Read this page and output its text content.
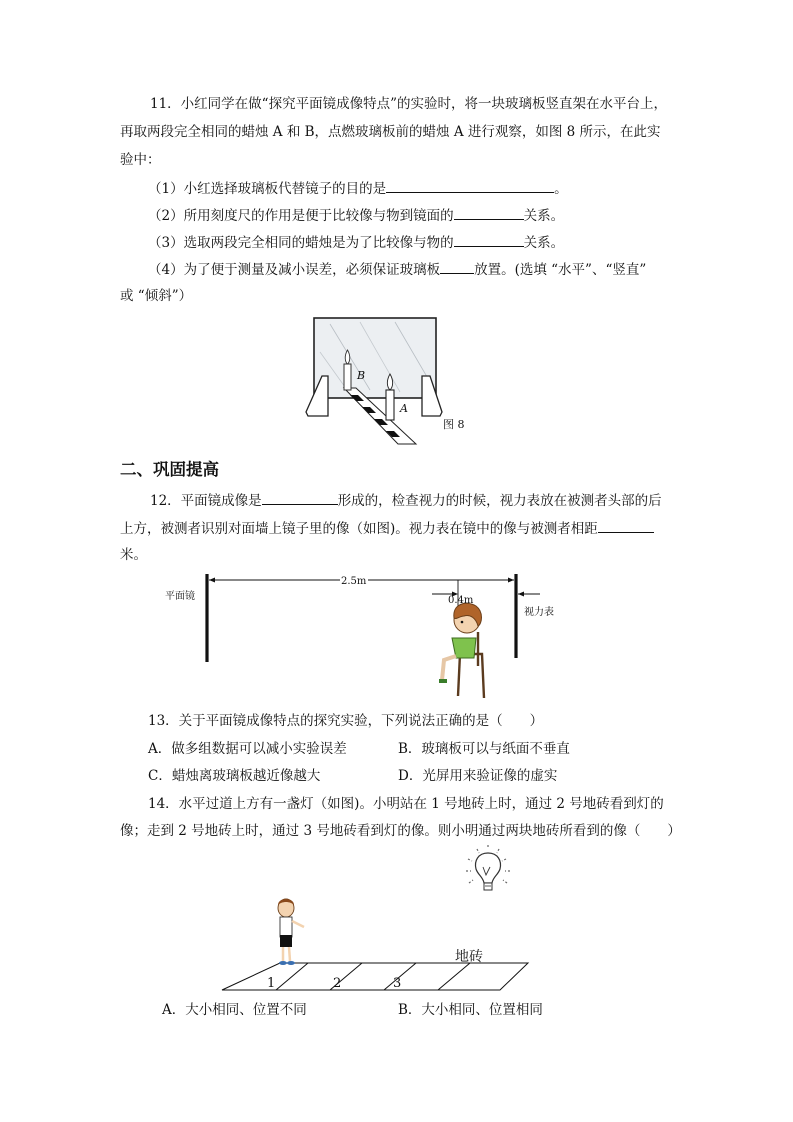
11．小红同学在做“探究平面镜成像特点”的实验时，将一块玻璃板竖直架在水平台上，
再取两段完全相同的蜡烛 A 和 B，点燃玻璃板前的蜡烛 A 进行观察，如图 8 所示，在此实
验中：
（1）小红选择玻璃板代替镜子的目的是	。
（2）所用刻度尺的作用是便于比较像与物到镜面的	关系。
（3）选取两段完全相同的蜡烛是为了比较像与物的	关系。
（4）为了便于测量及减小误差，必须保证玻璃板	放置。(选填 “水平”、“竖直”
或 “倾斜”）
B
A
图 8
二、巩固提高
12．平面镜成像是	形成的，检查视力的时候，视力表放在被测者头部的后
上方，被测者识别对面墙上镜子里的像（如图)。视力表在镜中的像与被测者相距
米。
2.5m
0.4m
平面镜
视力表
13．关于平面镜成像特点的探究实验，下列说法正确的是（　　）
A．做多组数据可以减小实验误差	B．玻璃板可以与纸面不垂直
C．蜡烛离玻璃板越近像越大	D．光屏用来验证像的虚实
14．水平过道上方有一盏灯（如图)。小明站在 1 号地砖上时，通过 2 号地砖看到灯的
像；走到 2 号地砖上时，通过 3 号地砖看到灯的像。则小明通过两块地砖所看到的像（　　）
1	2	3
地砖
A．大小相同、位置不同	B．大小相同、位置相同
